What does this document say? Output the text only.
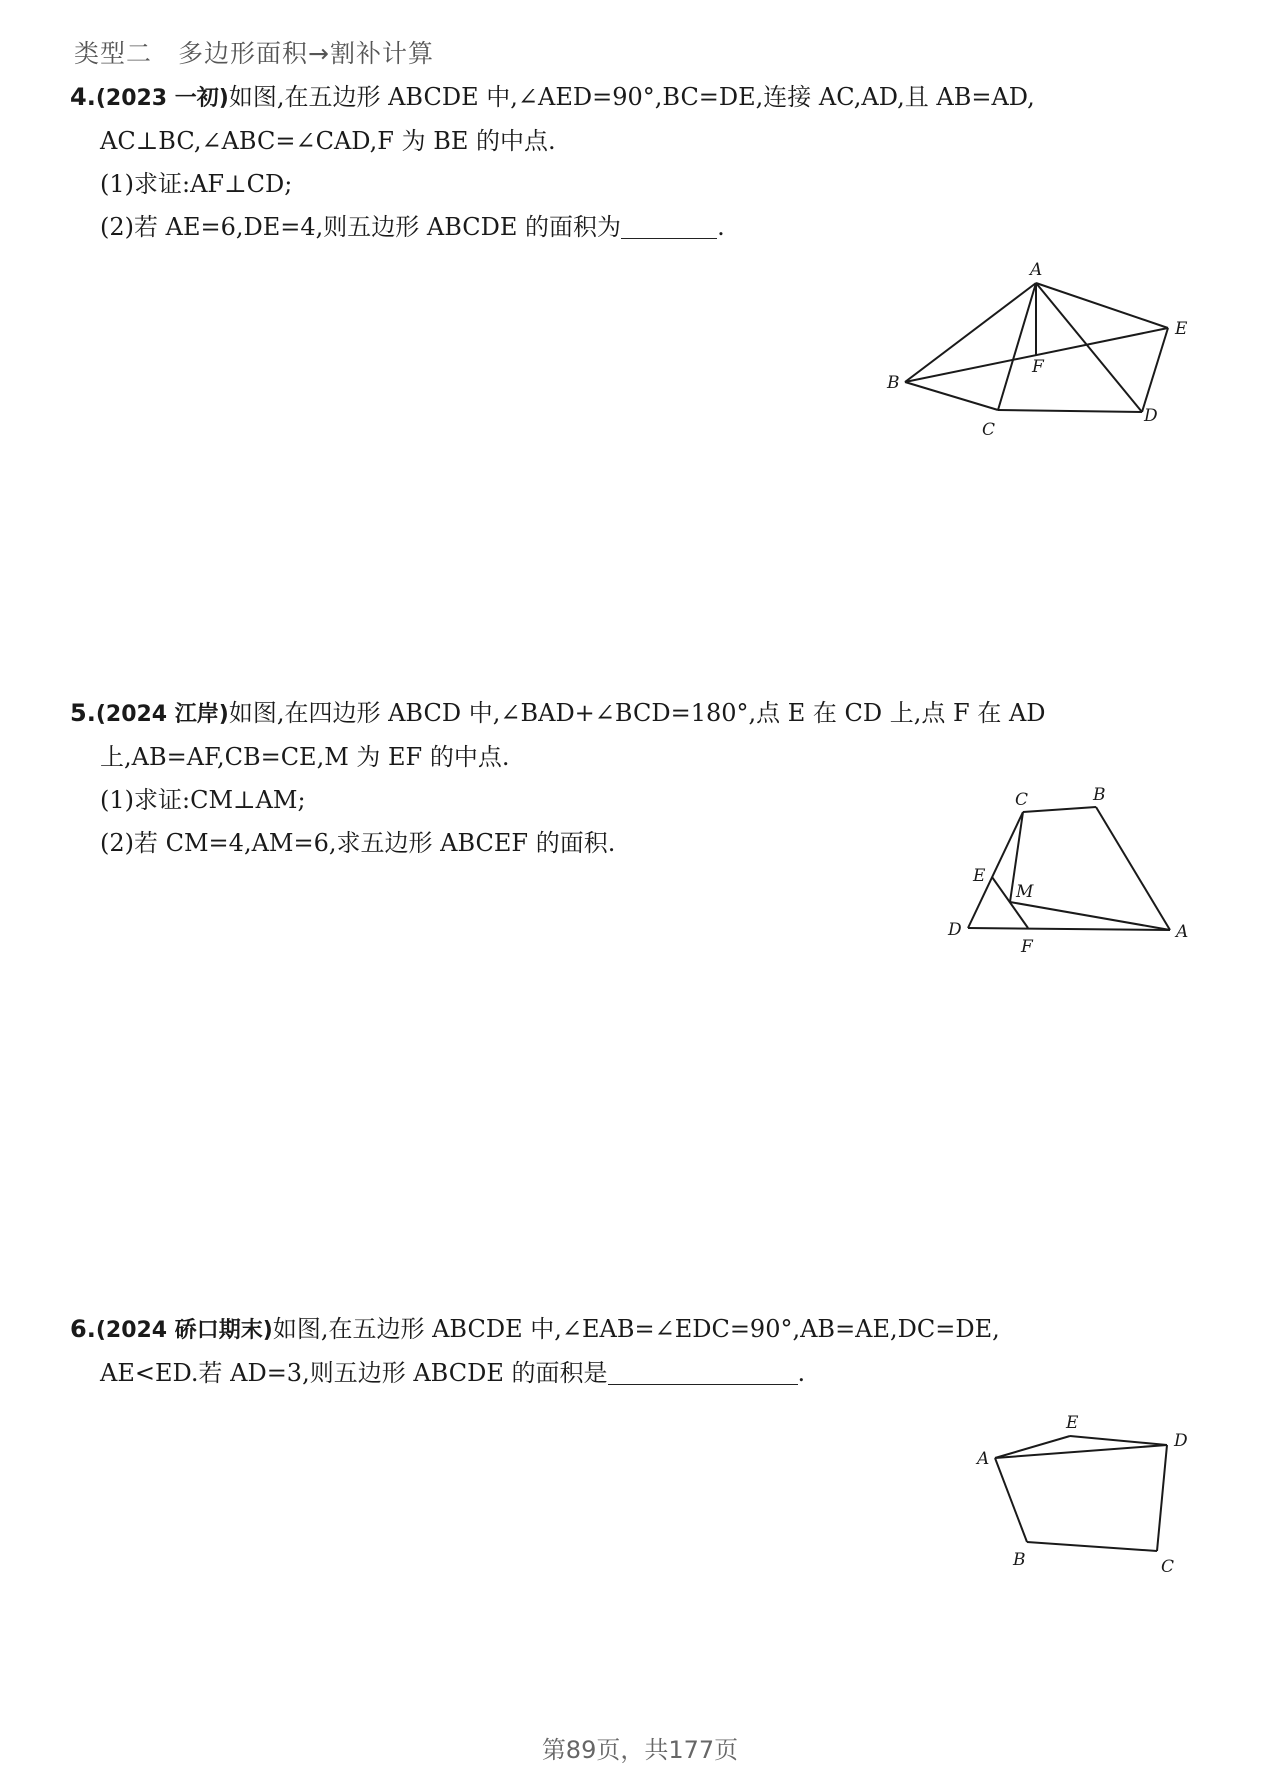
类型二　多边形面积→割补计算
4.(2023 一初)如图,在五边形 ABCDE 中,∠AED=90°,BC=DE,连接 AC,AD,且 AB=AD,
AC⊥BC,∠ABC=∠CAD,F 为 BE 的中点.
(1)求证:AF⊥CD;
(2)若 AE=6,DE=4,则五边形 ABCDE 的面积为	.
A
B
C
D
E
F
5.(2024 江岸)如图,在四边形 ABCD 中,∠BAD+∠BCD=180°,点 E 在 CD 上,点 F 在 AD
上,AB=AF,CB=CE,M 为 EF 的中点.
(1)求证:CM⊥AM;
(2)若 CM=4,AM=6,求五边形 ABCEF 的面积.
C	B
E
M
D
F
A
6.(2024 硚口期末)如图,在五边形 ABCDE 中,∠EAB=∠EDC=90°,AB=AE,DC=DE,
AE<ED.若 AD=3,则五边形 ABCDE 的面积是	.
E
A
D
B	C
第89页，共177页
